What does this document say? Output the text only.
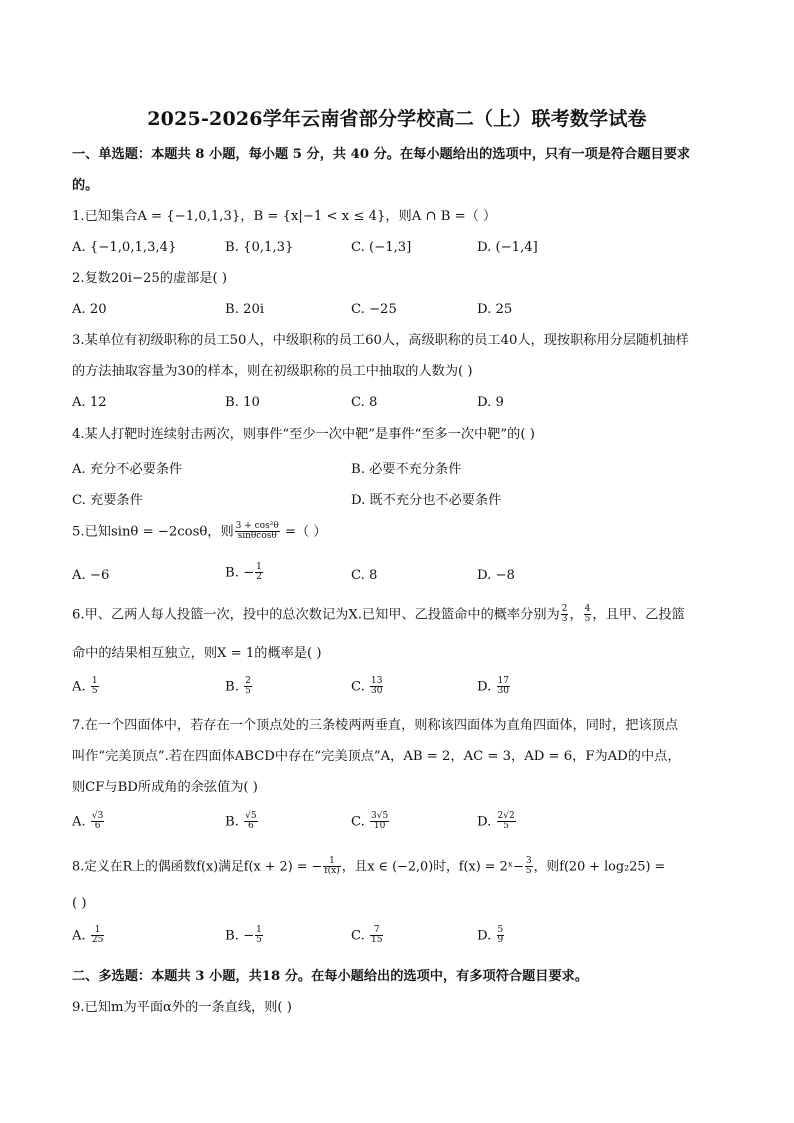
2025-2026学年云南省部分学校高二（上）联考数学试卷
一、单选题：本题共 8 小题，每小题 5 分，共 40 分。在每小题给出的选项中，只有一项是符合题目要求
的。
1.已知集合A = {−1,0,1,3}，B = {x|−1 < x ≤ 4}，则A ∩ B =（ ）
A. {−1,0,1,3,4}	B. {0,1,3}	C. (−1,3]	D. (−1,4]
2.复数20i−25的虚部是( )
A. 20	B. 20i	C. −25	D. 25
3.某单位有初级职称的员工50人，中级职称的员工60人，高级职称的员工40人，现按职称用分层随机抽样
的方法抽取容量为30的样本，则在初级职称的员工中抽取的人数为( )
A. 12	B. 10	C. 8	D. 9
4.某人打靶时连续射击两次，则事件“至少一次中靶”是事件“至多一次中靶”的( )
A. 充分不必要条件	B. 必要不充分条件
C. 充要条件	D. 既不充分也不必要条件
5.已知sinθ = −2cosθ，则 $\frac{\text{3 + cos²θ}}{\sin\theta\cos\theta}$ =（ ）
A. −6	B. − $\frac{1}{2}$	C. 8	D. −8
6.甲、乙两人每人投篮一次，投中的总次数记为X.已知甲、乙投篮命中的概率分别为 $\frac{2}{3}$ ， $\frac{4}{5}$ ，且甲、乙投篮
命中的结果相互独立，则X = 1的概率是( )
A. $\frac{1}{5}$	B. $\frac{2}{5}$	C. $\frac{13}{30}$	D. $\frac{17}{30}$
7.在一个四面体中，若存在一个顶点处的三条棱两两垂直，则称该四面体为直角四面体，同时，把该顶点
叫作“完美顶点”.若在四面体ABCD中存在“完美顶点”A，AB = 2，AC = 3，AD = 6，F为AD的中点，
则CF与BD所成角的余弦值为( )
A. $\frac{√3}{6}$	B. $\frac{√5}{6}$	C. $\frac{3√5}{10}$	D. $\frac{2√2}{5}$
8.定义在R上的偶函数f(x)满足f(x + 2) = − $\frac{1}{f(x)}$ ，且x ∈ (−2,0)时，f(x) = 2ˣ− $\frac{3}{5}$ ，则f(20 + log₂25) =
( )
A. $\frac{1}{25}$	B. − $\frac{1}{5}$	C. $\frac{7}{15}$	D. $\frac{5}{9}$
二、多选题：本题共 3 小题，共18 分。在每小题给出的选项中，有多项符合题目要求。
9.已知m为平面α外的一条直线，则( )
